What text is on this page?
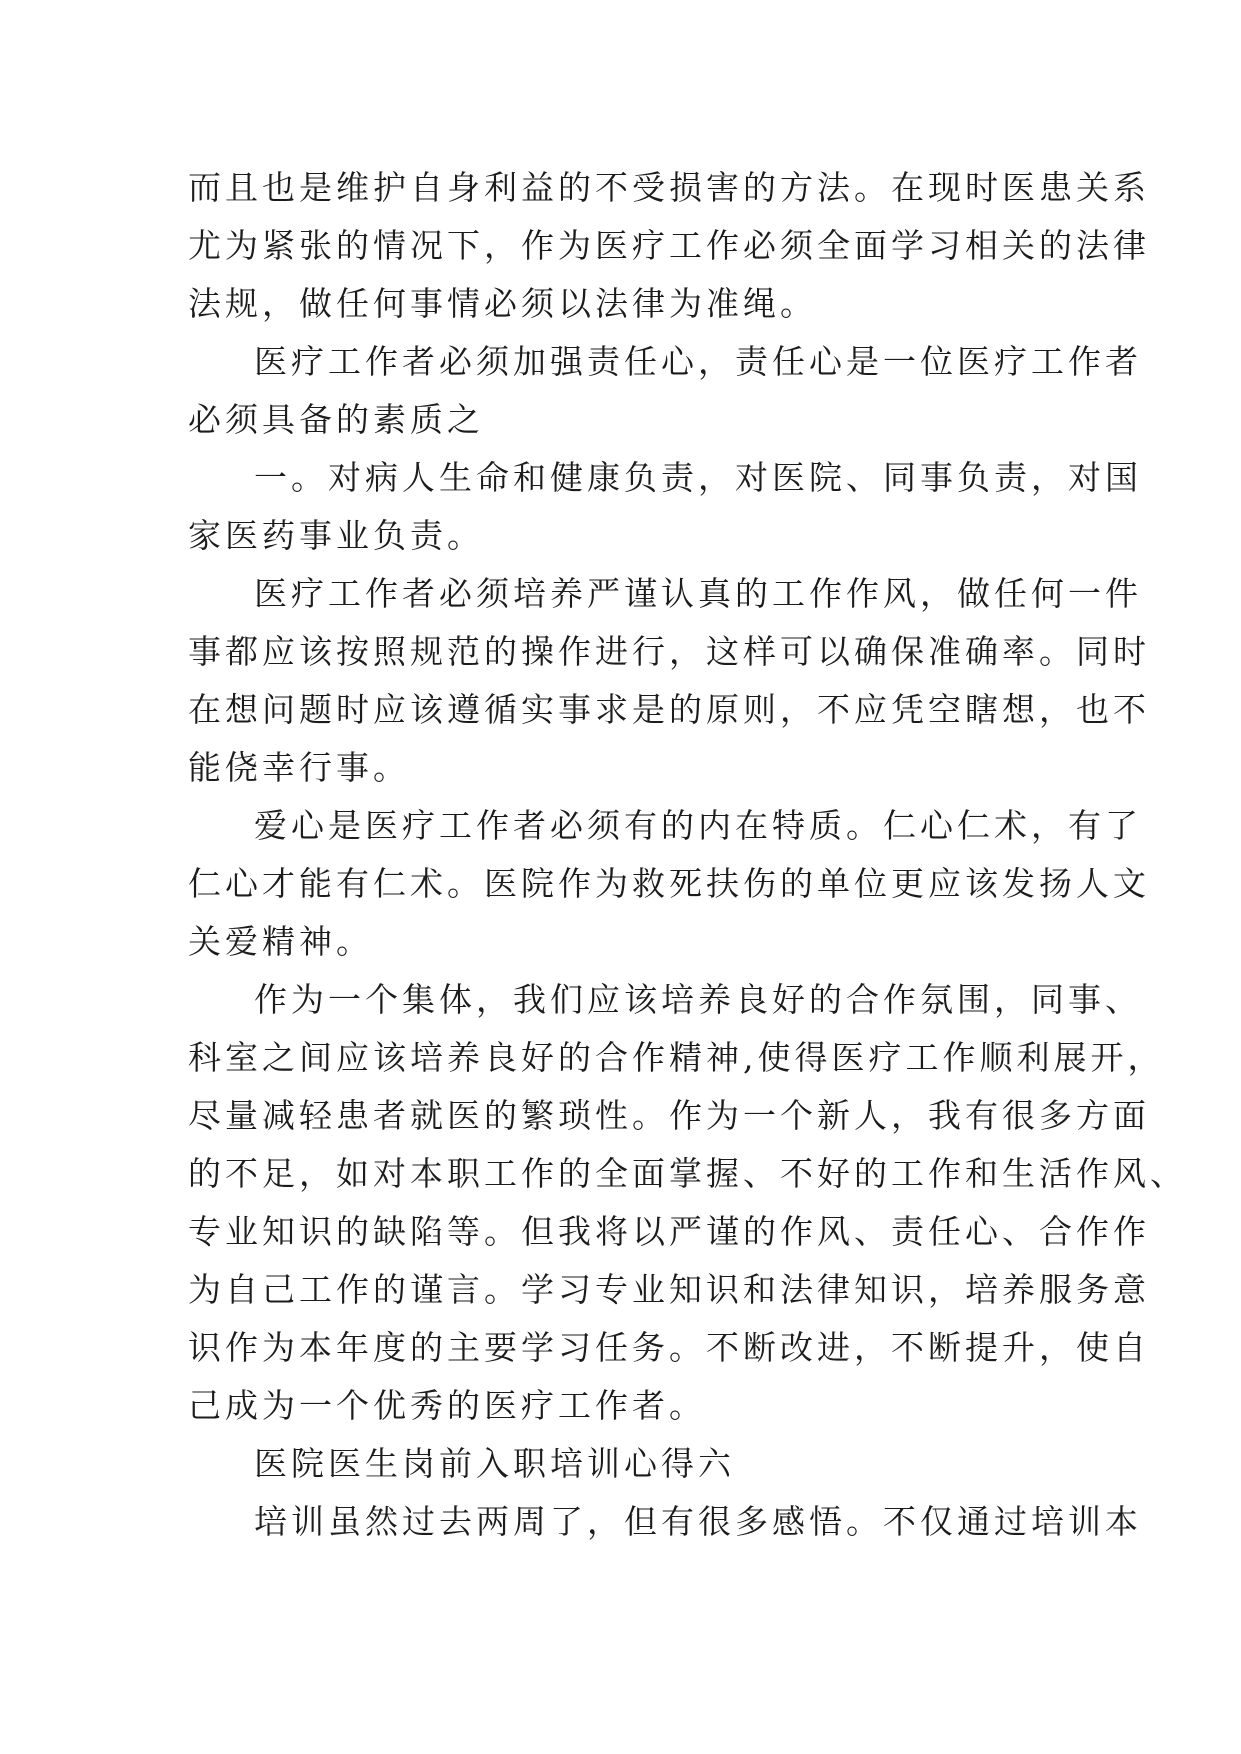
而且也是维护自身利益的不受损害的方法。在现时医患关系
尤为紧张的情况下，作为医疗工作必须全面学习相关的法律
法规，做任何事情必须以法律为准绳。
医疗工作者必须加强责任心，责任心是一位医疗工作者
必须具备的素质之
一。对病人生命和健康负责，对医院、同事负责，对国
家医药事业负责。
医疗工作者必须培养严谨认真的工作作风，做任何一件
事都应该按照规范的操作进行，这样可以确保准确率。同时
在想问题时应该遵循实事求是的原则，不应凭空瞎想，也不
能侥幸行事。
爱心是医疗工作者必须有的内在特质。仁心仁术，有了
仁心才能有仁术。医院作为救死扶伤的单位更应该发扬人文
关爱精神。
作为一个集体，我们应该培养良好的合作氛围，同事、
科室之间应该培养良好的合作精神,使得医疗工作顺利展开，
尽量减轻患者就医的繁琐性。作为一个新人，我有很多方面
的不足，如对本职工作的全面掌握、不好的工作和生活作风、
专业知识的缺陷等。但我将以严谨的作风、责任心、合作作
为自己工作的谨言。学习专业知识和法律知识，培养服务意
识作为本年度的主要学习任务。不断改进，不断提升，使自
己成为一个优秀的医疗工作者。
医院医生岗前入职培训心得六
培训虽然过去两周了，但有很多感悟。不仅通过培训本
